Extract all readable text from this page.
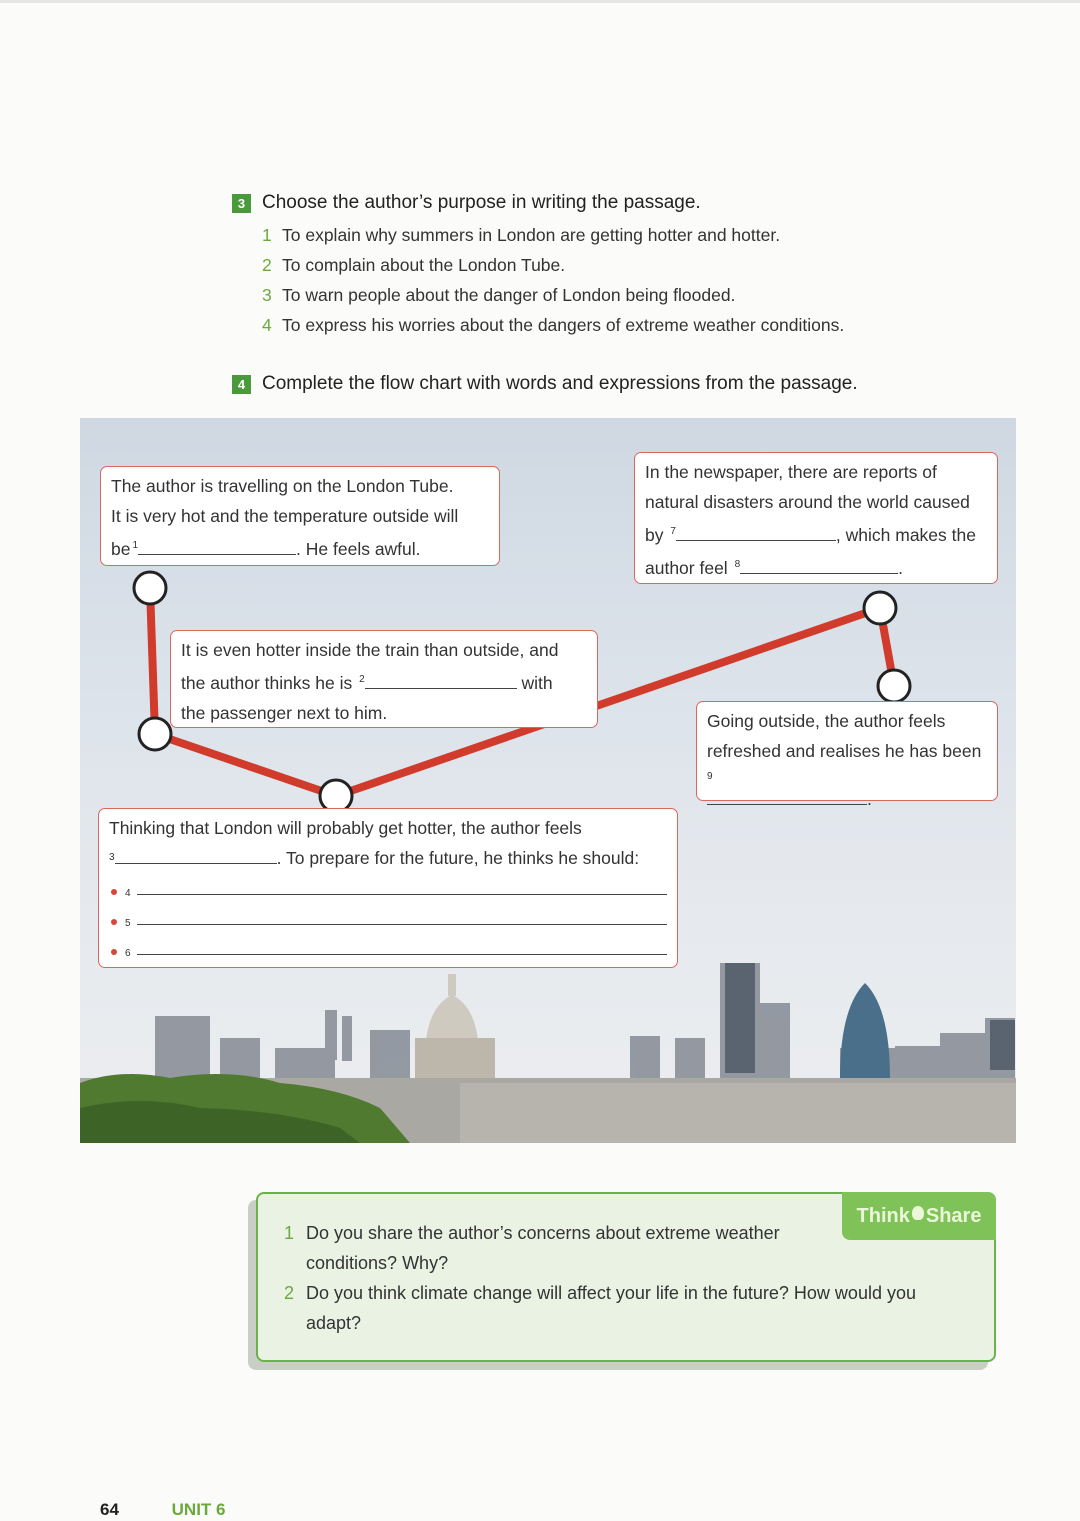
3 Choose the author’s purpose in writing the passage.
1 To explain why summers in London are getting hotter and hotter.
2 To complain about the London Tube.
3 To warn people about the danger of London being flooded.
4 To express his worries about the dangers of extreme weather conditions.
4 Complete the flow chart with words and expressions from the passage.
The author is travelling on the London Tube.
It is very hot and the temperature outside will
be $^1$	. He feels awful.
It is even hotter inside the train than outside, and
the author thinks he is $^2$	with
the passenger next to him.
Thinking that London will probably get hotter, the author feels
$^3$	. To prepare for the future, he thinks he should:
4
5
6
In the newspaper, there are reports of
natural disasters around the world caused
by $^7$	, which makes the
author feel $^8$	.
Going outside, the author feels
refreshed and realises he has been
$^9$
.
Think Share
1 Do you share the author’s concerns about extreme weather conditions? Why?
2 Do you think climate change will affect your life in the future? How would you adapt?
64	UNIT 6
